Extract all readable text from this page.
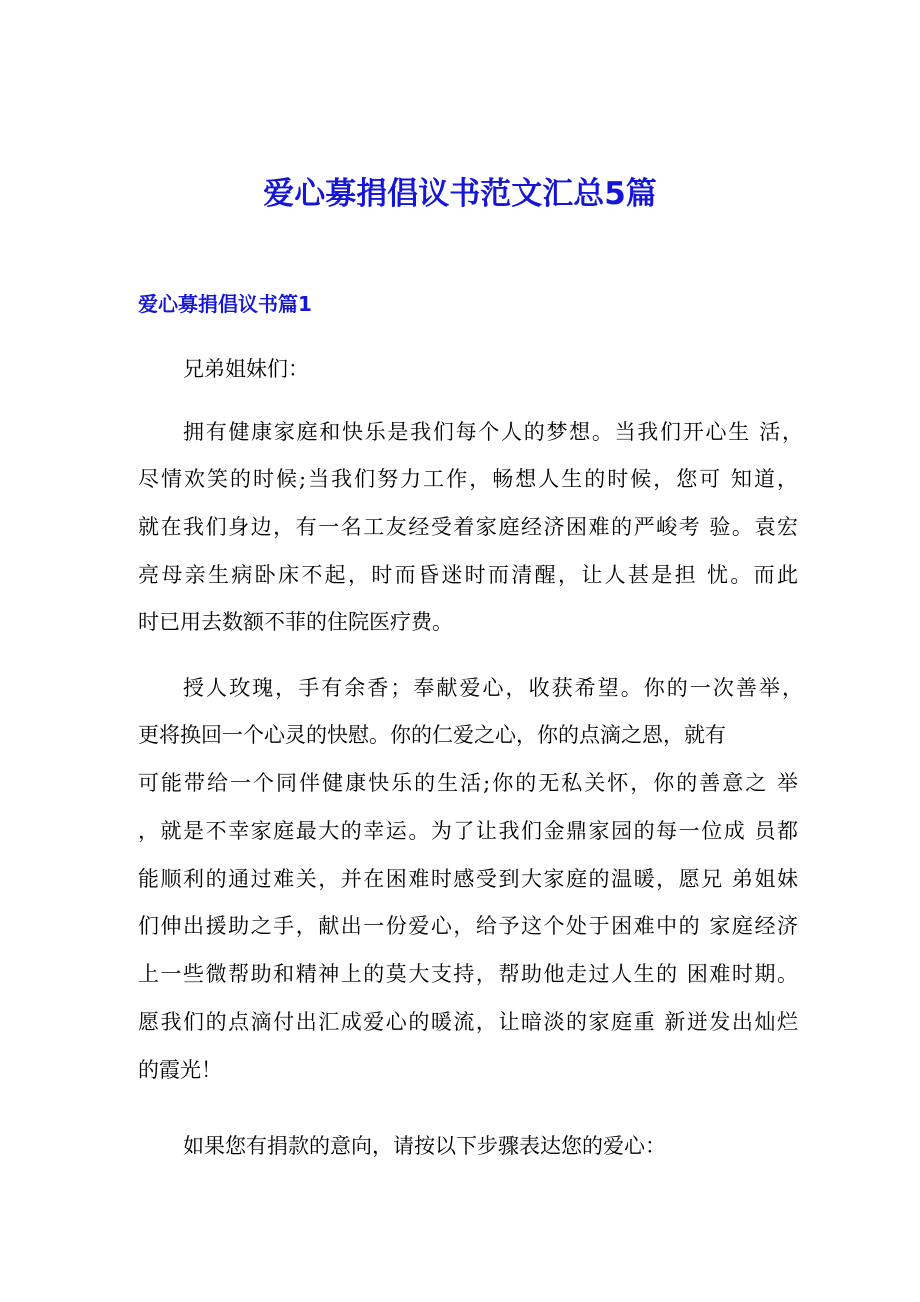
爱心募捐倡议书范文汇总5篇
爱心募捐倡议书篇1

兄弟姐妹们：

拥有健康家庭和快乐是我们每个人的梦想。当我们开心生 活，

尽情欢笑的时候;当我们努力工作，畅想人生的时候，您可 知道，

就在我们身边，有一名工友经受着家庭经济困难的严峻考 验。袁宏

亮母亲生病卧床不起，时而昏迷时而清醒，让人甚是担 忧。而此

时已用去数额不菲的住院医疗费。

授人玫瑰，手有余香；奉献爱心，收获希望。你的一次善举，

更将换回一个心灵的快慰。你的仁爱之心，你的点滴之恩，就有

可能带给一个同伴健康快乐的生活;你的无私关怀，你的善意之 举

，就是不幸家庭最大的幸运。为了让我们金鼎家园的每一位成 员都

能顺利的通过难关，并在困难时感受到大家庭的温暖，愿兄 弟姐妹

们伸出援助之手，献出一份爱心，给予这个处于困难中的 家庭经济

上一些微帮助和精神上的莫大支持，帮助他走过人生的 困难时期。

愿我们的点滴付出汇成爱心的暖流，让暗淡的家庭重 新迸发出灿烂

的霞光！

如果您有捐款的意向，请按以下步骤表达您的爱心：
